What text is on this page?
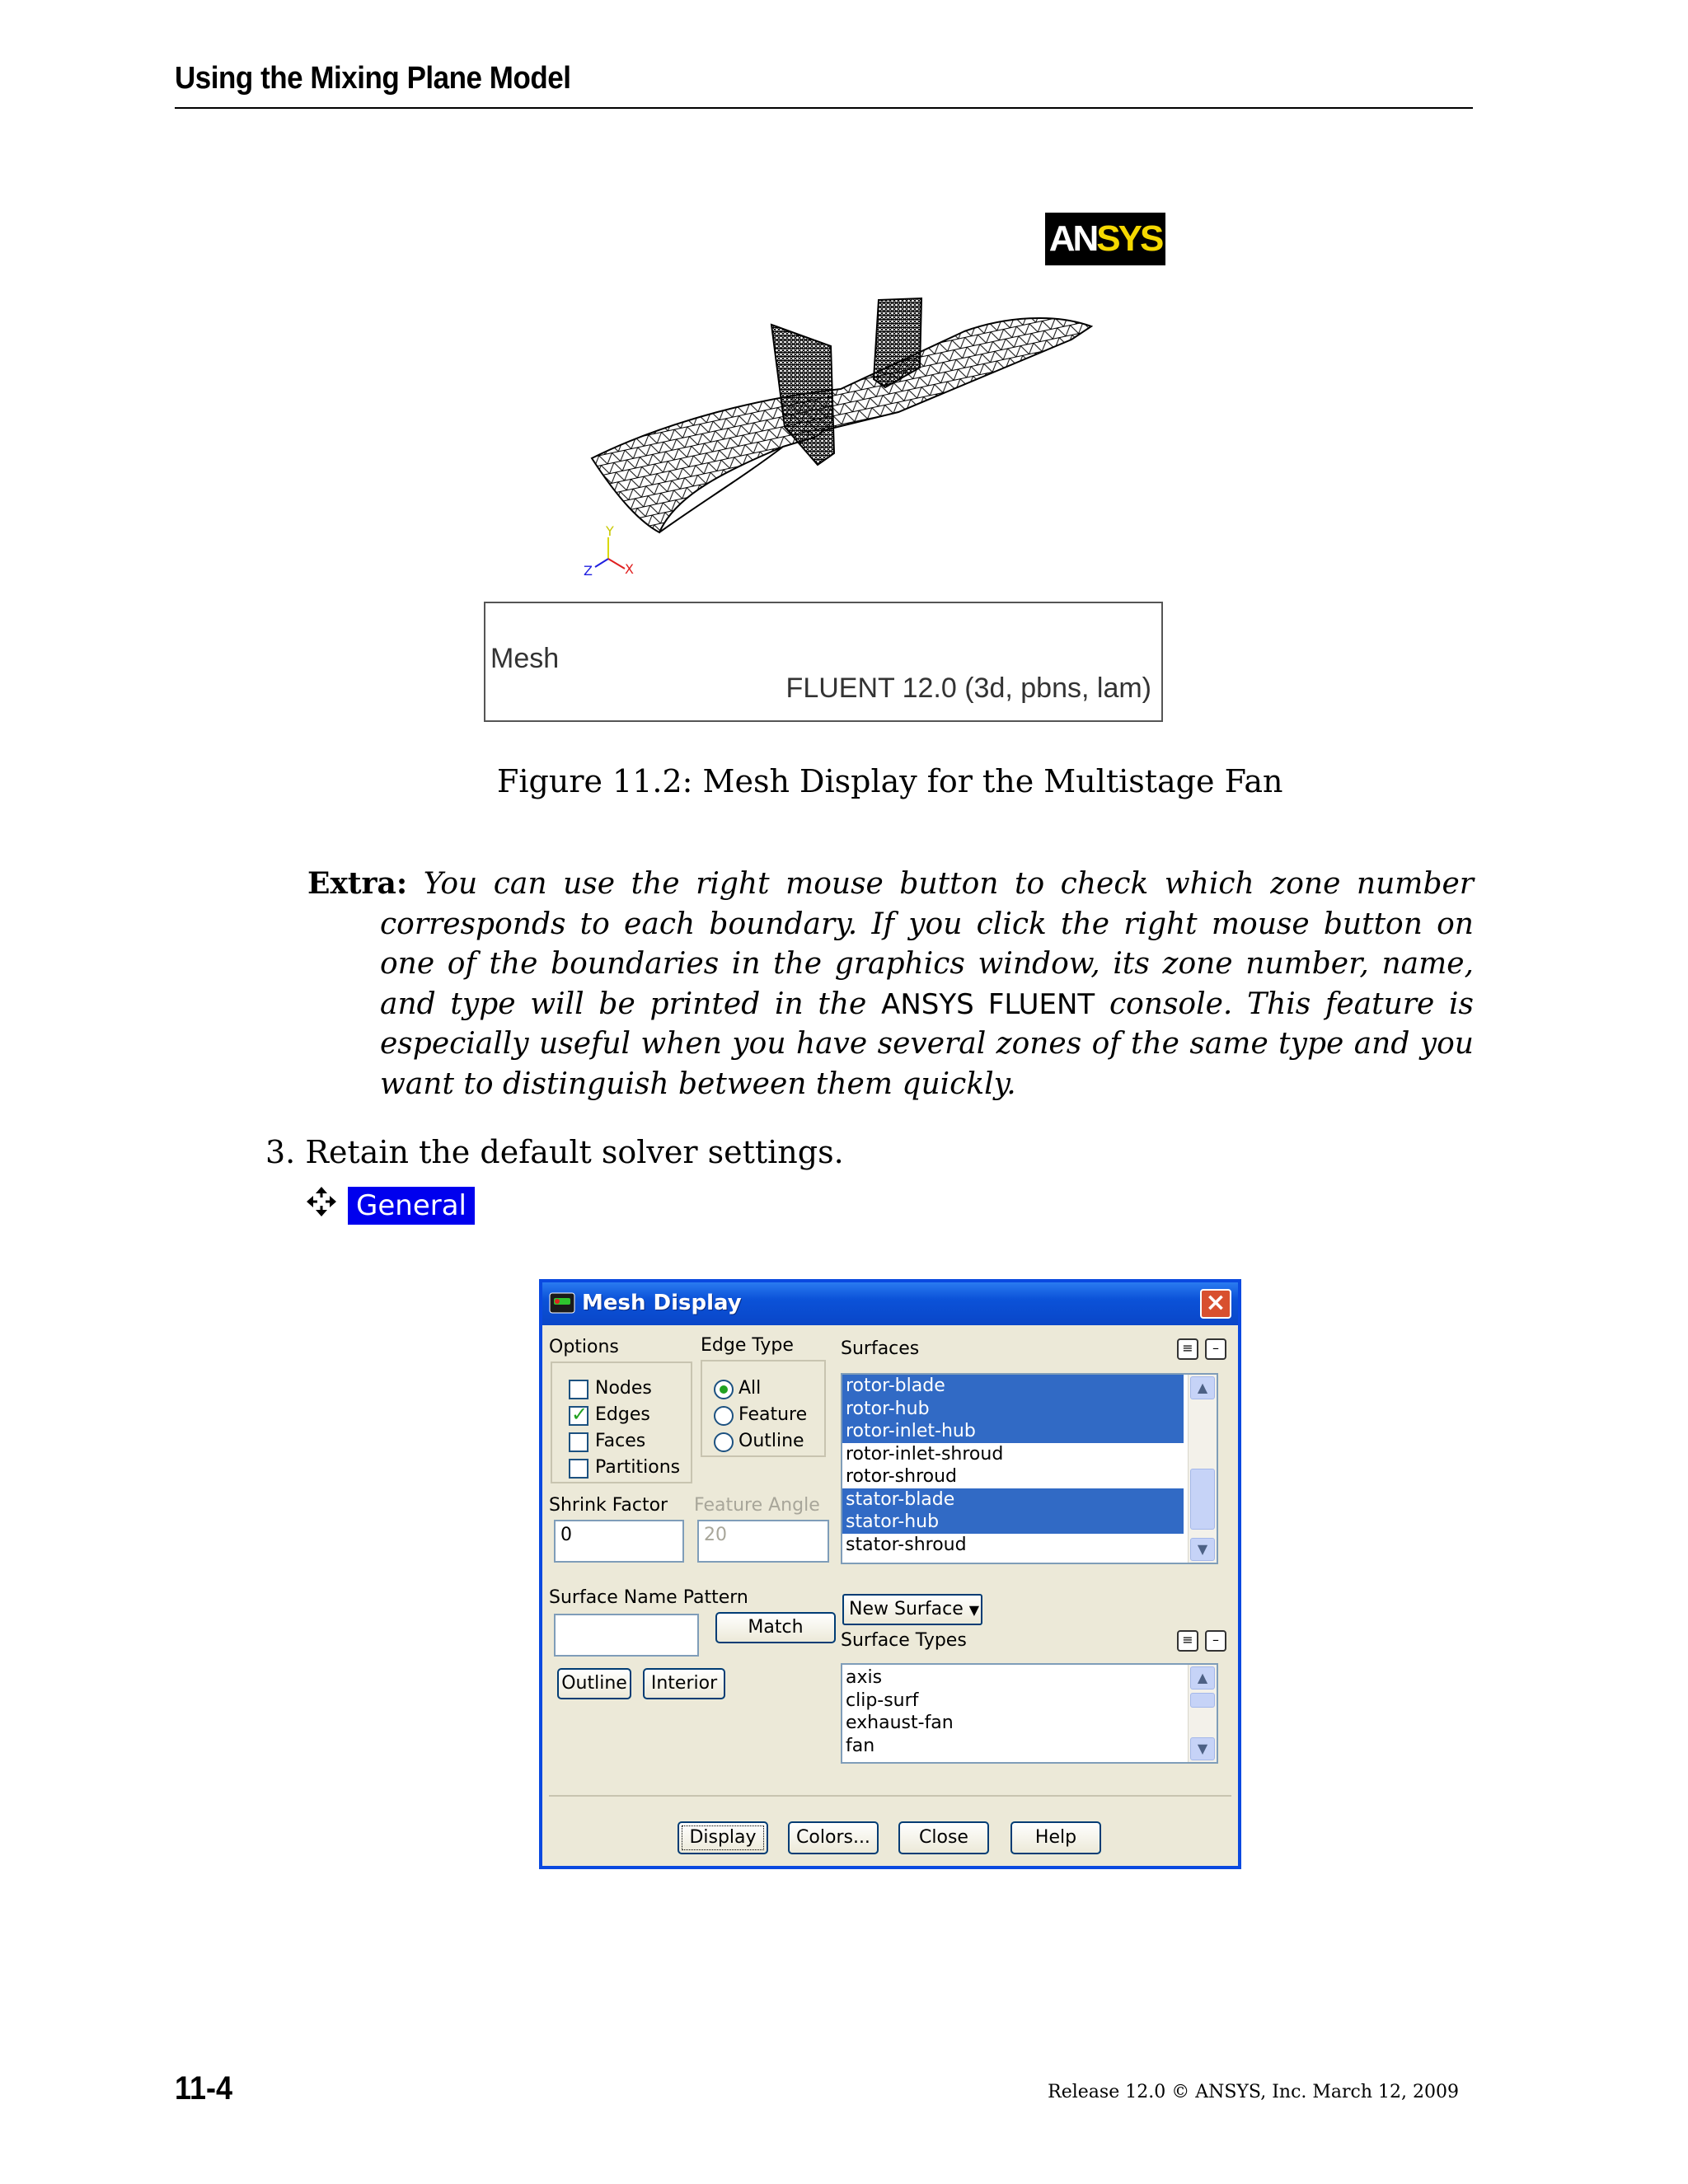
Using the Mixing Plane Model
AN SYS
Y
Z X
Mesh
FLUENT 12.0 (3d, pbns, lam)
Figure 11.2: Mesh Display for the Multistage Fan
Extra: You can use the right mouse button to check which zone number corresponds to each boundary. If you click the right mouse button on one of the boundaries in the graphics window, its zone number, name, and type will be printed in the ANSYS FLUENT console. This feature is especially useful when you have several zones of the same type and you want to distinguish between them quickly.
3. Retain the default solver settings.
General
Mesh Display	×
Options
Nodes
✓
Edges
Faces
Partitions
Edge Type
All
Feature
Outline
Shrink Factor
0
Feature Angle
20
Surface Name Pattern
Match
Outline	Interior
Surfaces	≡	–
rotor-blade
rotor-hub
rotor-inlet-hub
rotor-inlet-shroud
rotor-shroud
stator-blade
stator-hub
stator-shroud
▲
▼
New Surface ▼
Surface Types	≡	–
axis
clip-surf
exhaust-fan
fan
▲
▼
Display	Colors...	Close	Help
11-4	Release 12.0 © ANSYS, Inc. March 12, 2009
